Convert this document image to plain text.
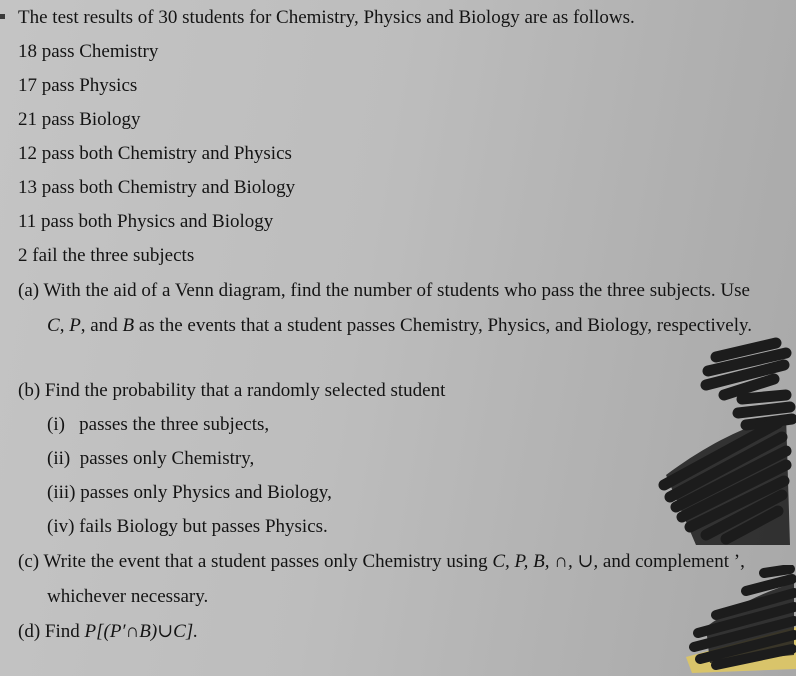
The test results of 30 students for Chemistry, Physics and Biology are as follows.

18 pass Chemistry

17 pass Physics

21 pass Biology

12 pass both Chemistry and Physics

13 pass both Chemistry and Biology

11 pass both Physics and Biology

2 fail the three subjects

(a) With the aid of a Venn diagram, find the number of students who pass the three subjects. Use

C, P, and B as the events that a student passes Chemistry, Physics, and Biology, respectively.

(b) Find the probability that a randomly selected student

(i)   passes the three subjects,

(ii)  passes only Chemistry,

(iii) passes only Physics and Biology,

(iv) fails Biology but passes Physics.

(c) Write the event that a student passes only Chemistry using C, P, B, ∩, ∪, and complement ’,

whichever necessary.

(d) Find P[(P′∩B)∪C].
